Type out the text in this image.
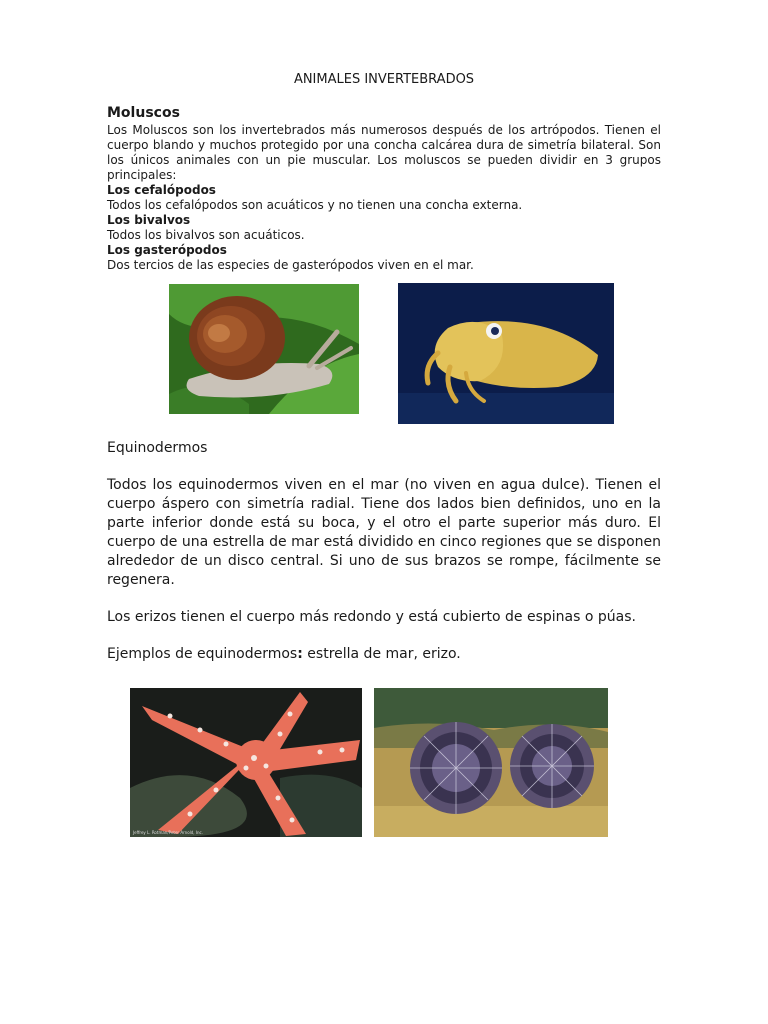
ANIMALES INVERTEBRADOS
Moluscos

Los Moluscos son los invertebrados más numerosos después de los artrópodos. Tienen el cuerpo blando y muchos protegido por una concha calcárea dura de simetría bilateral. Son los únicos animales con un pie muscular. Los moluscos se pueden dividir en 3 grupos principales:

Los cefalópodos
Todos los cefalópodos son acuáticos y no tienen una concha externa.
Los bivalvos
Todos los bivalvos son acuáticos.
Los gasterópodos
Dos tercios de las especies de gasterópodos viven en el mar.
Equinodermos

Todos los equinodermos viven en el mar (no viven en agua dulce). Tienen el cuerpo áspero con simetría radial. Tiene dos lados bien definidos, uno en la parte inferior donde está su boca, y el otro el parte superior más duro. El cuerpo de una estrella de mar está dividido en cinco regiones que se disponen alrededor de un disco central. Si uno de sus brazos se rompe, fácilmente se regenera.

Los erizos tienen el cuerpo más redondo y está cubierto de espinas o púas.

Ejemplos de equinodermos: estrella de mar, erizo.

Jeffrey L. Rotman/Peter Arnold, Inc.
